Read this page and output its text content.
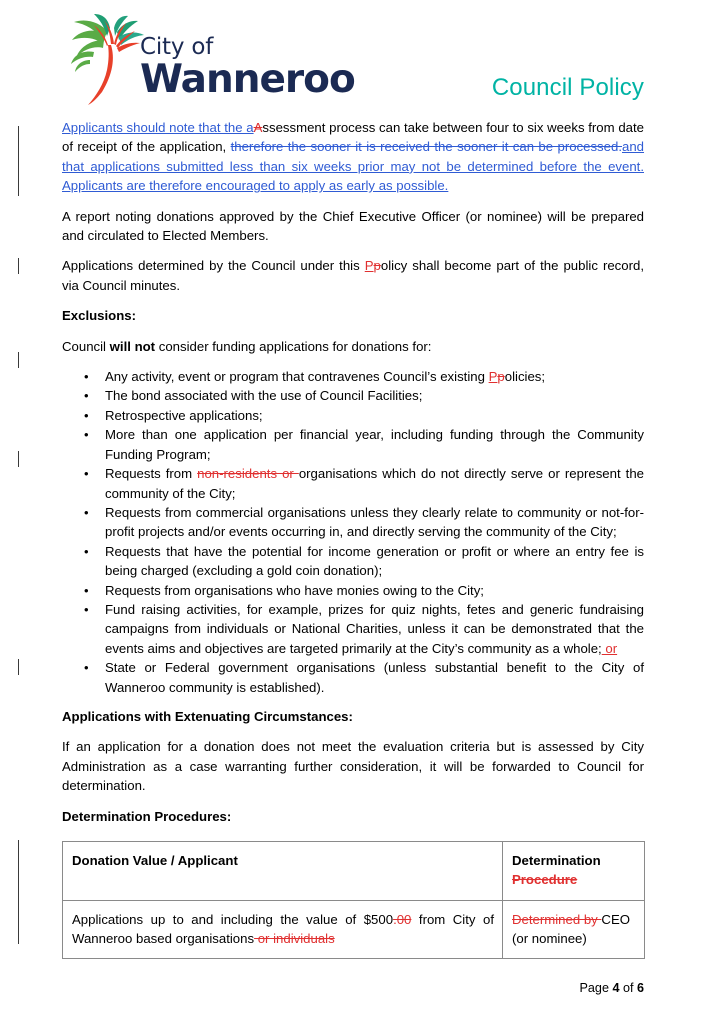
City of
Wanneroo	Council Policy

Applicants should note that the aAssessment process can take between four to six weeks from date of receipt of the application, therefore the sooner it is received the sooner it can be processed.and that applications submitted less than six weeks prior may not be determined before the event. Applicants are therefore encouraged to apply as early as possible.

A report noting donations approved by the Chief Executive Officer (or nominee) will be prepared and circulated to Elected Members.

Applications determined by the Council under this Ppolicy shall become part of the public record, via Council minutes.

Exclusions:

Council will not consider funding applications for donations for:

• Any activity, event or program that contravenes Council’s existing Ppolicies;
• The bond associated with the use of Council Facilities;
• Retrospective applications;
• More than one application per financial year, including funding through the Community Funding Program;
• Requests from non-residents or organisations which do not directly serve or represent the community of the City;
• Requests from commercial organisations unless they clearly relate to community or not-for-profit projects and/or events occurring in, and directly serving the community of the City;
• Requests that have the potential for income generation or profit or where an entry fee is being charged (excluding a gold coin donation);
• Requests from organisations who have monies owing to the City;
• Fund raising activities, for example, prizes for quiz nights, fetes and generic fundraising campaigns from individuals or National Charities, unless it can be demonstrated that the events aims and objectives are targeted primarily at the City’s community as a whole; or
• State or Federal government organisations (unless substantial benefit to the City of Wanneroo community is established).
Applications with Extenuating Circumstances:

If an application for a donation does not meet the evaluation criteria but is assessed by City Administration as a case warranting further consideration, it will be forwarded to Council for determination.

Determination Procedures:
Donation Value / Applicant	Determination
Procedure
Applications up to and including the value of $500.00 from City of Wanneroo based organisations or individuals	Determined by CEO (or nominee)
Page 4 of 6
